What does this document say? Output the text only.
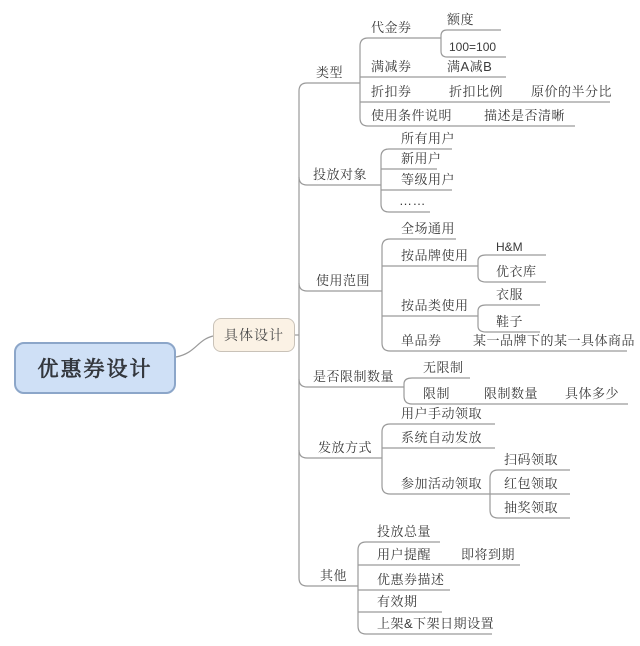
优惠券设计
具体设计
类型
代金券
额度
100=100
满减券	满A减B
折扣券	折扣比例 原价的半分比
使用条件说明 描述是否清晰
投放对象
所有用户
新用户
等级用户
……
使用范围
全场通用
按品牌使用
H&M
优衣库
按品类使用
衣服
鞋子
单品券 某一品牌下的某一具体商品
是否限制数量
无限制
限制	限制数量 具体多少
发放方式
用户手动领取
系统自动发放
参加活动领取
扫码领取
红包领取
抽奖领取
其他
投放总量
用户提醒 即将到期
优惠券描述
有效期
上架&下架日期设置
